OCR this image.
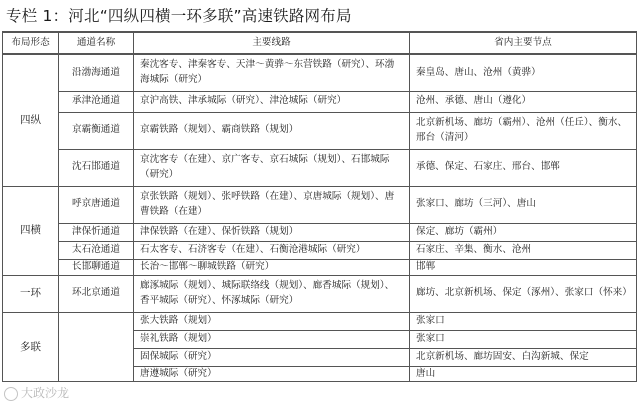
专栏 1：河北“四纵四横一环多联”高速铁路网布局
布局形态	通道名称	主要线路	省内主要节点
四纵	沿渤海通道	秦沈客专、津秦客专、天津～黄骅～东营铁路（研究）、环渤海城际（研究）	秦皇岛、唐山、沧州（黄骅）
	承津沧通道	京沪高铁、津承城际（研究）、津沧城际（研究）	沧州、承德、唐山（遵化）
	京霸衡通道	京霸铁路（规划）、霸商铁路（规划）	北京新机场、廊坊（霸州）、沧州（任丘）、衡水、邢台（清河）
	沈石邯通道	京沈客专（在建）、京广客专、京石城际（规划）、石邯城际（研究）	承德、保定、石家庄、邢台、邯郸
四横	呼京唐通道	京张铁路（规划）、张呼铁路（在建）、京唐城际（规划）、唐曹铁路（在建）	张家口、廊坊（三河）、唐山
	津保忻通道	津保铁路（在建）、保忻铁路（规划）	保定、廊坊（霸州）
	太石沧通道	石太客专、石济客专（在建）、石衡沧港城际（研究）	石家庄、辛集、衡水、沧州
	长邯聊通道	长治～邯郸～聊城铁路（研究）	邯郸
一环	环北京通道	廊涿城际（规划）、城际联络线（规划）、廊香城际（规划）、香平城际（研究）、怀涿城际（研究）	廊坊、北京新机场、保定（涿州）、张家口（怀来）
多联		张大铁路（规划）	张家口
		崇礼铁路（规划）	张家口
		固保城际（研究）	北京新机场、廊坊固安、白沟新城、保定
		唐遵城际（研究）	唐山
大政沙龙
